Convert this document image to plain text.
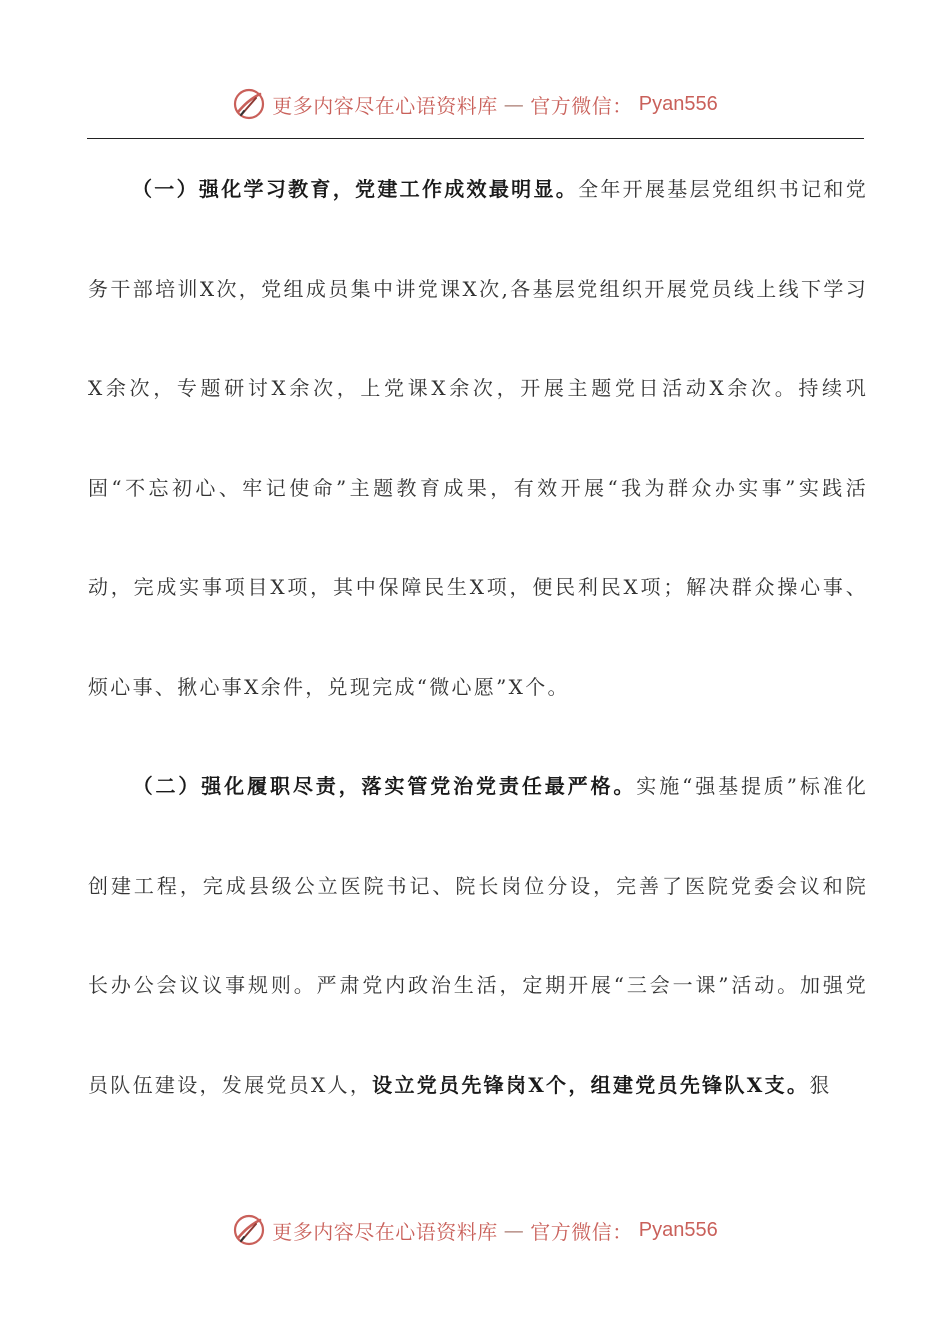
更多内容尽在心语资料库 — 官方微信： Pyan556

（一）强化学习教育，党建工作成效最明显。全年开展基层党组织书记和党务干部培训X次，党组成员集中讲党课X次,各基层党组织开展党员线上线下学习X余次，专题研讨X余次，上党课X余次，开展主题党日活动X余次。持续巩固“不忘初心、牢记使命”主题教育成果，有效开展“我为群众办实事”实践活动，完成实事项目X项，其中保障民生X项，便民利民X项；解决群众操心事、烦心事、揪心事X余件，兑现完成“微心愿”X个。

（二）强化履职尽责，落实管党治党责任最严格。实施“强基提质”标准化创建工程，完成县级公立医院书记、院长岗位分设，完善了医院党委会议和院长办公会议议事规则。严肃党内政治生活，定期开展“三会一课”活动。加强党员队伍建设，发展党员X人，设立党员先锋岗X个，组建党员先锋队X支。狠

更多内容尽在心语资料库 — 官方微信： Pyan556
